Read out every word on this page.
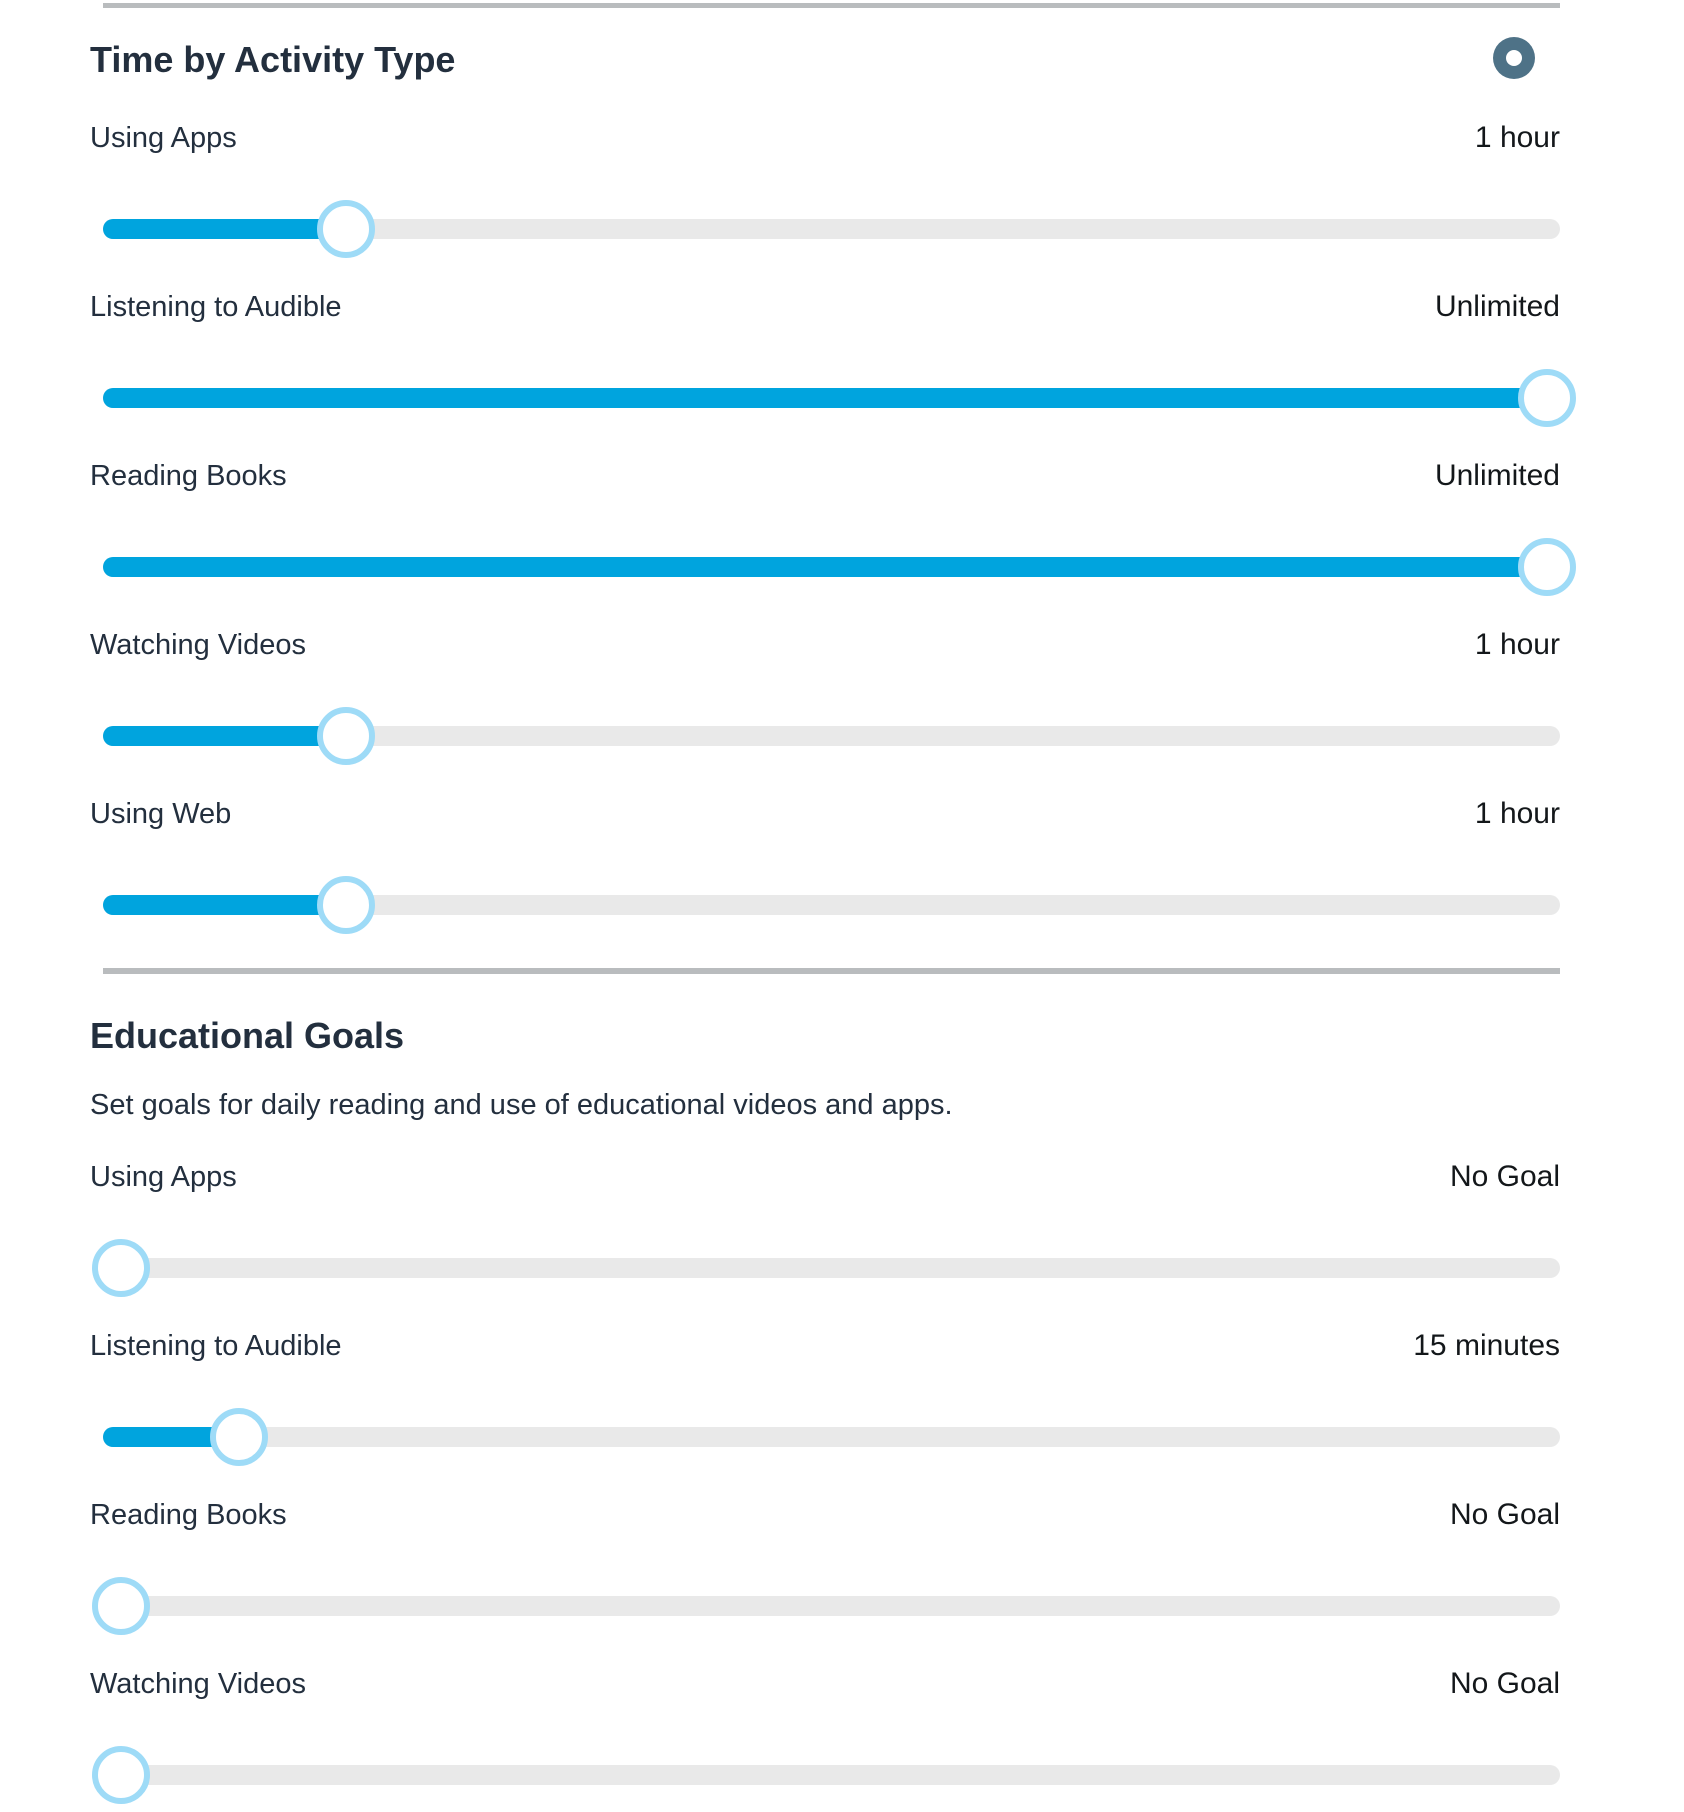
Time by Activity Type
Using Apps	1 hour
Listening to Audible	Unlimited
Reading Books	Unlimited
Watching Videos	1 hour
Using Web	1 hour
Educational Goals
Set goals for daily reading and use of educational videos and apps.
Using Apps	No Goal
Listening to Audible	15 minutes
Reading Books	No Goal
Watching Videos	No Goal
